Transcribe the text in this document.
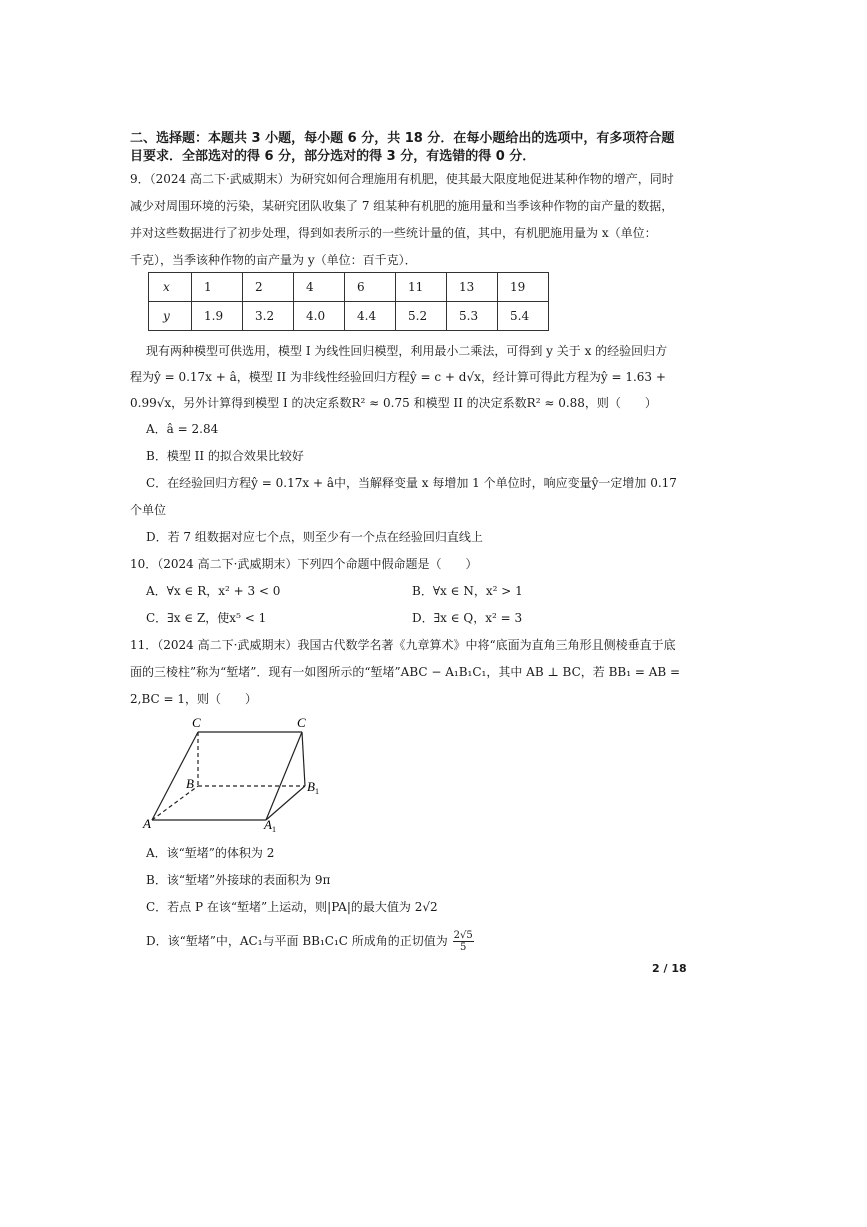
二、选择题：本题共 3 小题，每小题 6 分，共 18 分．在每小题给出的选项中，有多项符合题
目要求．全部选对的得 6 分，部分选对的得 3 分，有选错的得 0 分．
9．（2024 高二下·武威期末）为研究如何合理施用有机肥，使其最大限度地促进某种作物的增产，同时
减少对周围环境的污染，某研究团队收集了 7 组某种有机肥的施用量和当季该种作物的亩产量的数据，
并对这些数据进行了初步处理，得到如表所示的一些统计量的值，其中，有机肥施用量为 x（单位：
千克），当季该种作物的亩产量为 y（单位：百千克）．
x	1	2	4	6	11	13	19
y	1.9	3.2	4.0	4.4	5.2	5.3	5.4
现有两种模型可供选用，模型 I 为线性回归模型，利用最小二乘法，可得到 y 关于 x 的经验回归方
程为ŷ = 0.17x + â，模型 II 为非线性经验回归方程ŷ = c + d√x，经计算可得此方程为ŷ = 1.63 +
0.99√x，另外计算得到模型 I 的决定系数R² ≈ 0.75 和模型 II 的决定系数R² ≈ 0.88，则（　　）
A．â = 2.84
B．模型 II 的拟合效果比较好
C．在经验回归方程ŷ = 0.17x + â中，当解释变量 x 每增加 1 个单位时，响应变量ŷ一定增加 0.17
个单位
D．若 7 组数据对应七个点，则至少有一个点在经验回归直线上
10．（2024 高二下·武威期末）下列四个命题中假命题是（　　）
A．∀x ∈ R，x² + 3 < 0	B．∀x ∈ N，x² > 1
C．∃x ∈ Z，使x⁵ < 1	D．∃x ∈ Q，x² = 3
11．（2024 高二下·武威期末）我国古代数学名著《九章算术》中将“底面为直角三角形且侧棱垂直于底
面的三棱柱”称为“堑堵”．现有一如图所示的“堑堵”ABC − A₁B₁C₁，其中 AB ⊥ BC，若 BB₁ = AB =
2,BC = 1，则（　　）
C	C
B	$B_1$
A	$A_1$
A．该“堑堵”的体积为 2
B．该“堑堵”外接球的表面积为 9π
C．若点 P 在该“堑堵”上运动，则|PA|的最大值为 2√2
D．该“堑堵”中，AC₁与平面 BB₁C₁C 所成角的正切值为 $\frac{2√5}{5}$
2 / 18
